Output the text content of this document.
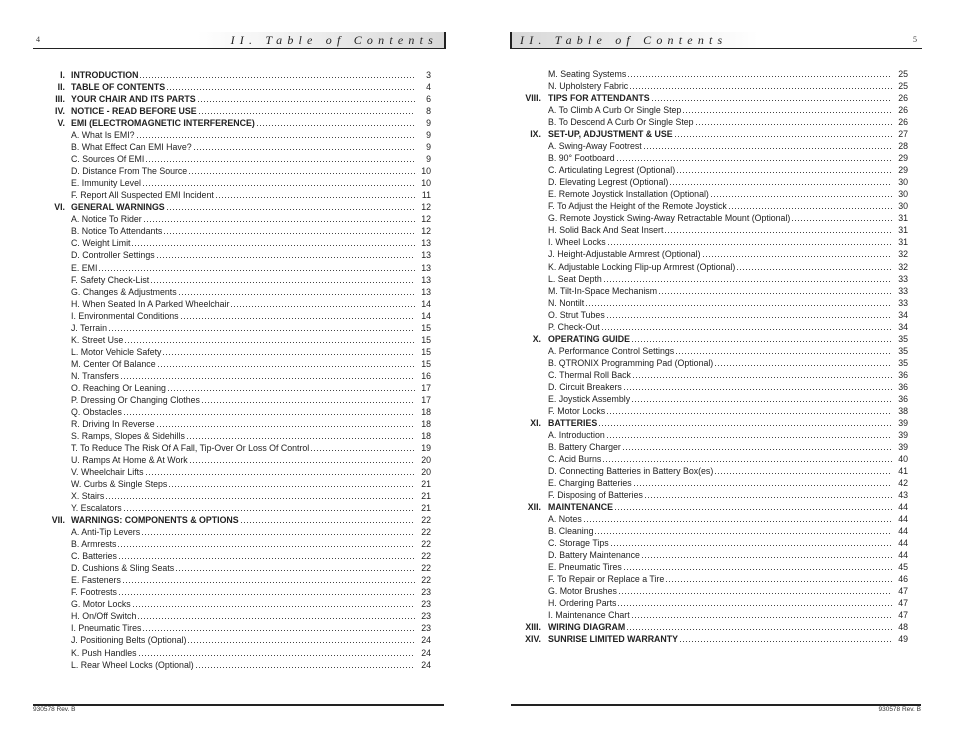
II. Table of Contents
4
I. INTRODUCTION	3
II. TABLE OF CONTENTS	4
III. YOUR CHAIR AND ITS PARTS	6
IV. NOTICE - READ BEFORE USE	8
V. EMI (ELECTROMAGNETIC INTERFERENCE)	9
A. What Is EMI?	9
B. What Effect Can EMI Have?	9
C. Sources Of EMI	9
D. Distance From The Source	10
E. Immunity Level	10
F. Report All Suspected EMI Incident	11
VI. GENERAL WARNINGS	12
A. Notice To Rider	12
B. Notice To Attendants	12
C. Weight Limit	13
D. Controller Settings	13
E. EMI	13
F. Safety Check-List	13
G. Changes & Adjustments	13
H. When Seated In A Parked Wheelchair	14
I. Environmental Conditions	14
J. Terrain	15
K. Street Use	15
L. Motor Vehicle Safety	15
M. Center Of Balance	15
N. Transfers	16
O. Reaching Or Leaning	17
P. Dressing Or Changing Clothes	17
Q. Obstacles	18
R. Driving In Reverse	18
S. Ramps, Slopes & Sidehills	18
T. To Reduce The Risk Of A Fall, Tip-Over Or Loss Of Control	19
U. Ramps At Home & At Work	20
V. Wheelchair Lifts	20
W. Curbs & Single Steps	21
X. Stairs	21
Y. Escalators	21
VII. WARNINGS: COMPONENTS & OPTIONS	22
A. Anti-Tip Levers	22
B. Armrests	22
C. Batteries	22
D. Cushions & Sling Seats	22
E. Fasteners	22
F. Footrests	23
G. Motor Locks	23
H. On/Off Switch	23
I. Pneumatic Tires	23
J. Positioning Belts (Optional)	24
K. Push Handles	24
L. Rear Wheel Locks (Optional)	24
930578 Rev. B
II. Table of Contents	5
M. Seating Systems	25
N. Upholstery Fabric	25
VIII. TIPS FOR ATTENDANTS	26
A. To Climb A Curb Or Single Step	26
B. To Descend A Curb Or Single Step	26
IX. SET-UP, ADJUSTMENT & USE	27
A. Swing-Away Footrest	28
B. 90° Footboard	29
C. Articulating Legrest (Optional)	29
D. Elevating Legrest (Optional)	30
E. Remote Joystick Installation (Optional)	30
F. To Adjust the Height of the Remote Joystick	30
G. Remote Joystick Swing-Away Retractable Mount (Optional)	31
H. Solid Back And Seat Insert	31
I. Wheel Locks	31
J. Height-Adjustable Armrest (Optional)	32
K. Adjustable Locking Flip-up Armrest (Optional)	32
L. Seat Depth	33
M. Tilt-In-Space Mechanism	33
N. Nontilt	33
O. Strut Tubes	34
P. Check-Out	34
X. OPERATING GUIDE	35
A. Performance Control Settings	35
B. QTRONIX Programming Pad (Optional)	35
C. Thermal Roll Back	36
D. Circuit Breakers	36
E. Joystick Assembly	36
F. Motor Locks	38
XI. BATTERIES	39
A. Introduction	39
B. Battery Charger	39
C. Acid Burns	40
D. Connecting Batteries in Battery Box(es)	41
E. Charging Batteries	42
F. Disposing of Batteries	43
XII. MAINTENANCE	44
A. Notes	44
B. Cleaning	44
C. Storage Tips	44
D. Battery Maintenance	44
E. Pneumatic Tires	45
F. To Repair or Replace a Tire	46
G. Motor Brushes	47
H. Ordering Parts	47
I. Maintenance Chart	47
XIII. WIRING DIAGRAM	48
XIV. SUNRISE LIMITED WARRANTY	49
930578 Rev. B
